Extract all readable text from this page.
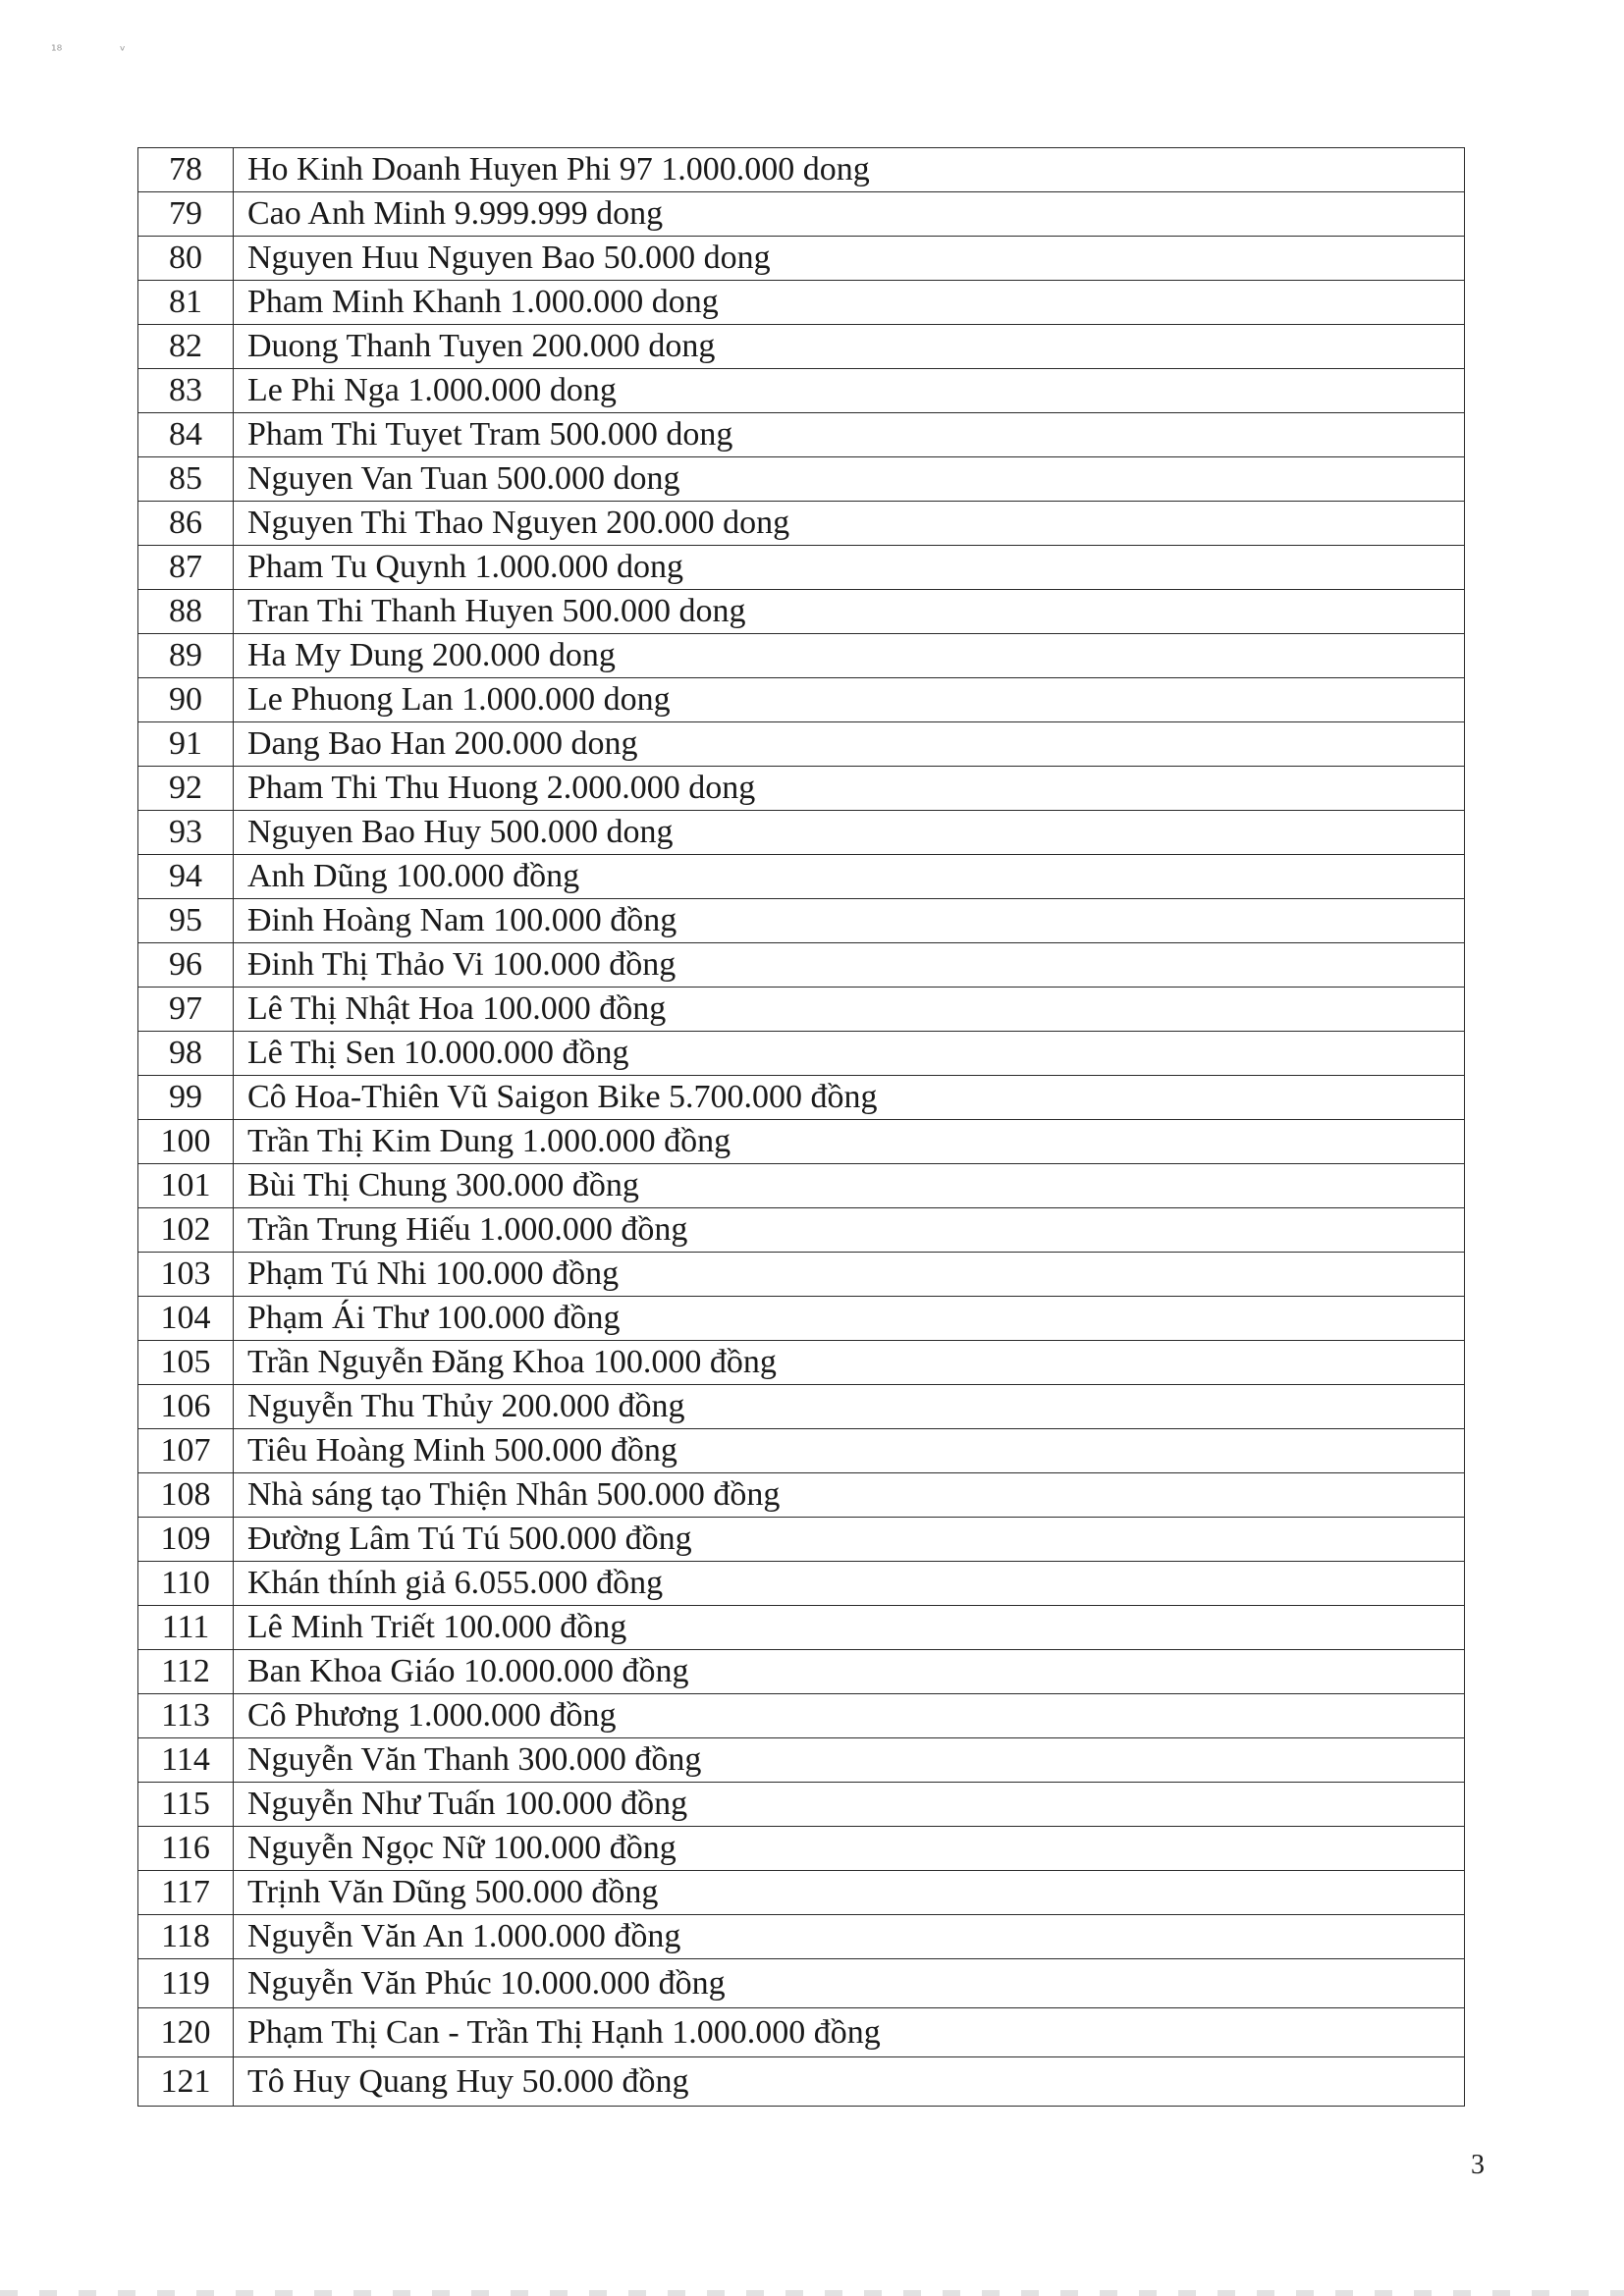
¹⁸	ᵛ
78	Ho Kinh Doanh Huyen Phi 97 1.000.000 dong
79	Cao Anh Minh 9.999.999 dong
80	Nguyen Huu Nguyen Bao 50.000 dong
81	Pham Minh Khanh 1.000.000 dong
82	Duong Thanh Tuyen 200.000 dong
83	Le Phi Nga 1.000.000 dong
84	Pham Thi Tuyet Tram 500.000 dong
85	Nguyen Van Tuan 500.000 dong
86	Nguyen Thi Thao Nguyen 200.000 dong
87	Pham Tu Quynh 1.000.000 dong
88	Tran Thi Thanh Huyen 500.000 dong
89	Ha My Dung 200.000 dong
90	Le Phuong Lan 1.000.000 dong
91	Dang Bao Han 200.000 dong
92	Pham Thi Thu Huong 2.000.000 dong
93	Nguyen Bao Huy 500.000 dong
94	Anh Dũng 100.000 đồng
95	Đinh Hoàng Nam 100.000 đồng
96	Đinh Thị Thảo Vi 100.000 đồng
97	Lê Thị Nhật Hoa 100.000 đồng
98	Lê Thị Sen 10.000.000 đồng
99	Cô Hoa-Thiên Vũ Saigon Bike 5.700.000 đồng
100	Trần Thị Kim Dung 1.000.000 đồng
101	Bùi Thị Chung 300.000 đồng
102	Trần Trung Hiếu 1.000.000 đồng
103	Phạm Tú Nhi 100.000 đồng
104	Phạm Ái Thư 100.000 đồng
105	Trần Nguyễn Đăng Khoa 100.000 đồng
106	Nguyễn Thu Thủy 200.000 đồng
107	Tiêu Hoàng Minh 500.000 đồng
108	Nhà sáng tạo Thiện Nhân 500.000 đồng
109	Đường Lâm Tú Tú 500.000 đồng
110	Khán thính giả 6.055.000 đồng
111	Lê Minh Triết 100.000 đồng
112	Ban Khoa Giáo 10.000.000 đồng
113	Cô Phương 1.000.000 đồng
114	Nguyễn Văn Thanh 300.000 đồng
115	Nguyễn Như Tuấn 100.000 đồng
116	Nguyễn Ngọc Nữ 100.000 đồng
117	Trịnh Văn Dũng 500.000 đồng
118	Nguyễn Văn An 1.000.000 đồng
119	Nguyễn Văn Phúc 10.000.000 đồng
120	Phạm Thị Can - Trần Thị Hạnh 1.000.000 đồng
121	Tô Huy Quang Huy 50.000 đồng
3
